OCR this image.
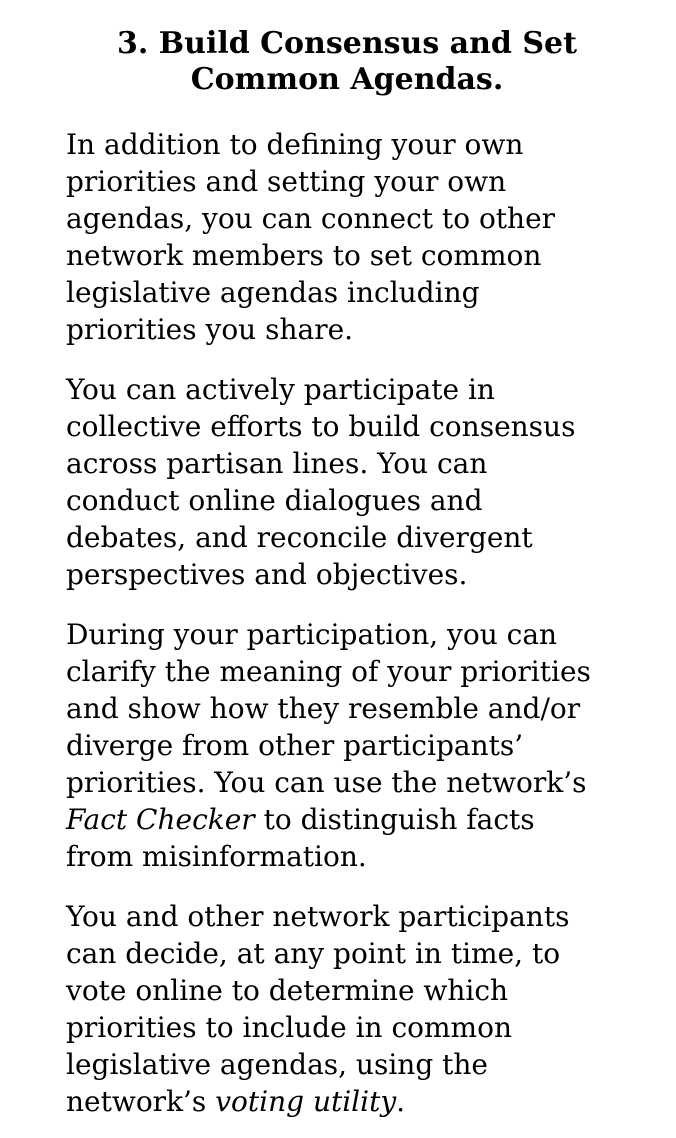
3. Build Consensus and Set
Common Agendas.

In addition to defining your own
priorities and setting your own
agendas, you can connect to other
network members to set common
legislative agendas including
priorities you share.

You can actively participate in
collective efforts to build consensus
across partisan lines. You can
conduct online dialogues and
debates, and reconcile divergent
perspectives and objectives.

During your participation, you can
clarify the meaning of your priorities
and show how they resemble and/or
diverge from other participants’
priorities. You can use the network’s
Fact Checker to distinguish facts
from misinformation.

You and other network participants
can decide, at any point in time, to
vote online to determine which
priorities to include in common
legislative agendas, using the
network’s voting utility.
